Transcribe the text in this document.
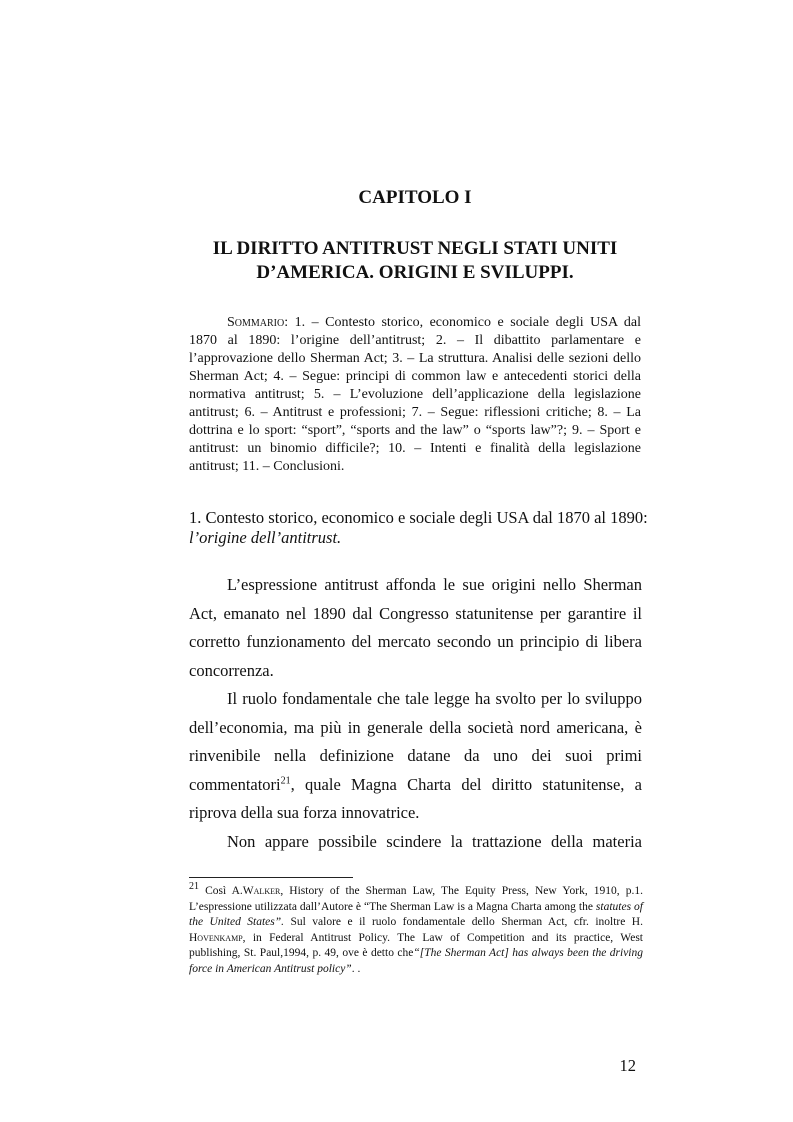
CAPITOLO I
IL DIRITTO ANTITRUST NEGLI STATI UNITI
D’AMERICA. ORIGINI E SVILUPPI.

Sommario: 1. – Contesto storico, economico e sociale degli USA dal 1870 al 1890: l’origine dell’antitrust; 2. – Il dibattito parlamentare e l’approvazione dello Sherman Act; 3. – La struttura. Analisi delle sezioni dello Sherman Act; 4. – Segue: principi di common law e antecedenti storici della normativa antitrust; 5. – L’evoluzione dell’applicazione della legislazione antitrust; 6. – Antitrust e professioni; 7. – Segue: riflessioni critiche; 8. – La dottrina e lo sport: “sport”, “sports and the law” o “sports law”?; 9. – Sport e antitrust: un binomio difficile?; 10. – Intenti e finalità della legislazione antitrust; 11. – Conclusioni.

1. Contesto storico, economico e sociale degli USA dal 1870 al 1890:
l’origine dell’antitrust.

L’espressione antitrust affonda le sue origini nello Sherman Act, emanato nel 1890 dal Congresso statunitense per garantire il corretto funzionamento del mercato secondo un principio di libera concorrenza.

Il ruolo fondamentale che tale legge ha svolto per lo sviluppo dell’economia, ma più in generale della società nord americana, è rinvenibile nella definizione datane da uno dei suoi primi commentatori$^{21}$, quale Magna Charta del diritto statunitense, a riprova della sua forza innovatrice.

Non appare possibile scindere la trattazione della materia

$^{21}$ Così A.Walker, History of the Sherman Law, The Equity Press, New York, 1910, p.1. L’espressione utilizzata dall’Autore è “The Sherman Law is a Magna Charta among the statutes of the United States”. Sul valore e il ruolo fondamentale dello Sherman Act, cfr. inoltre H. Hovenkamp, in Federal Antitrust Policy. The Law of Competition and its practice, West publishing, St. Paul,1994, p. 49, ove è detto che“[The Sherman Act] has always been the driving force in American Antitrust policy”. .

12
